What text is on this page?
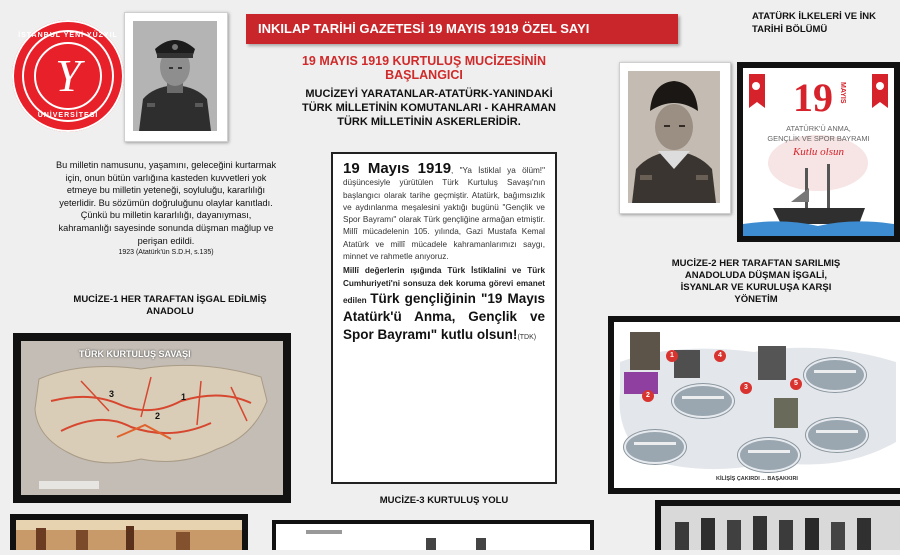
İSTANBUL YENİ YÜZYIL
Y
ÜNİVERSİTESİ
INKILAP TARİHİ GAZETESİ 19 MAYIS 1919 ÖZEL SAYI
ATATÜRK İLKELERİ VE İNK
TARİHİ BÖLÜMÜ
19 MAYIS 1919 KURTULUŞ MUCİZESİNİN
BAŞLANGICI
MUCİZEYİ YARATANLAR-ATATÜRK-YANINDAKİ
TÜRK MİLLETİNİN KOMUTANLARI - KAHRAMAN
TÜRK MİLLETİNİN ASKERLERİDİR.
19 MAYIS
ATATÜRK'Ü ANMA,
GENÇLİK VE SPOR BAYRAMI
Kutlu olsun
Bu milletin namusunu, yaşamını, geleceğini kurtarmak
için, onun bütün varlığına kasteden kuvvetleri yok
etmeye bu milletin yeteneği, soyluluğu, kararlılığı
yeterlidir. Bu sözümün doğruluğunu olaylar kanıtladı.
Çünkü bu milletin kararlılığı, dayanıyması,
kahramanlığı sayesinde sonunda düşman mağlup ve
perişan edildi.
1923 (Atatürk'ün S.D.H, s.135)
MUCİZE-1 HER TARAFTAN İŞGAL EDİLMİŞ
ANADOLU
TÜRK KURTULUŞ SAVAŞI
1
2
3
19 Mayıs 1919, "Ya İstiklal ya ölüm!" düşüncesiyle yürütülen Türk Kurtuluş Savaşı'nın başlangıcı olarak tarihe geçmiştir. Atatürk, bağımsızlık ve aydınlanma meşalesini yaktığı bugünü "Gençlik ve Spor Bayramı" olarak Türk gençliğine armağan etmiştir. Millî mücadelenin 105. yılında, Gazi Mustafa Kemal Atatürk ve millî mücadele kahramanlarımızı saygı, minnet ve rahmetle anıyoruz.
Millî değerlerin ışığında Türk İstiklalini ve Türk Cumhuriyeti'ni sonsuza dek koruma görevi emanet edilen Türk gençliğinin "19 Mayıs Atatürk'ü Anma, Gençlik ve Spor Bayramı" kutlu olsun!(TDK)
MUCİZE-3 KURTULUŞ YOLU
MUCİZE-2 HER TARAFTAN SARILMIŞ
ANADOLUDA DÜŞMAN İŞGALİ,
İSYANLAR VE KURULUŞA KARŞI
YÖNETİM
1
2
3
4
5
KİLİŞİŞ ÇAKIRDI ... BAŞAKKIRI
